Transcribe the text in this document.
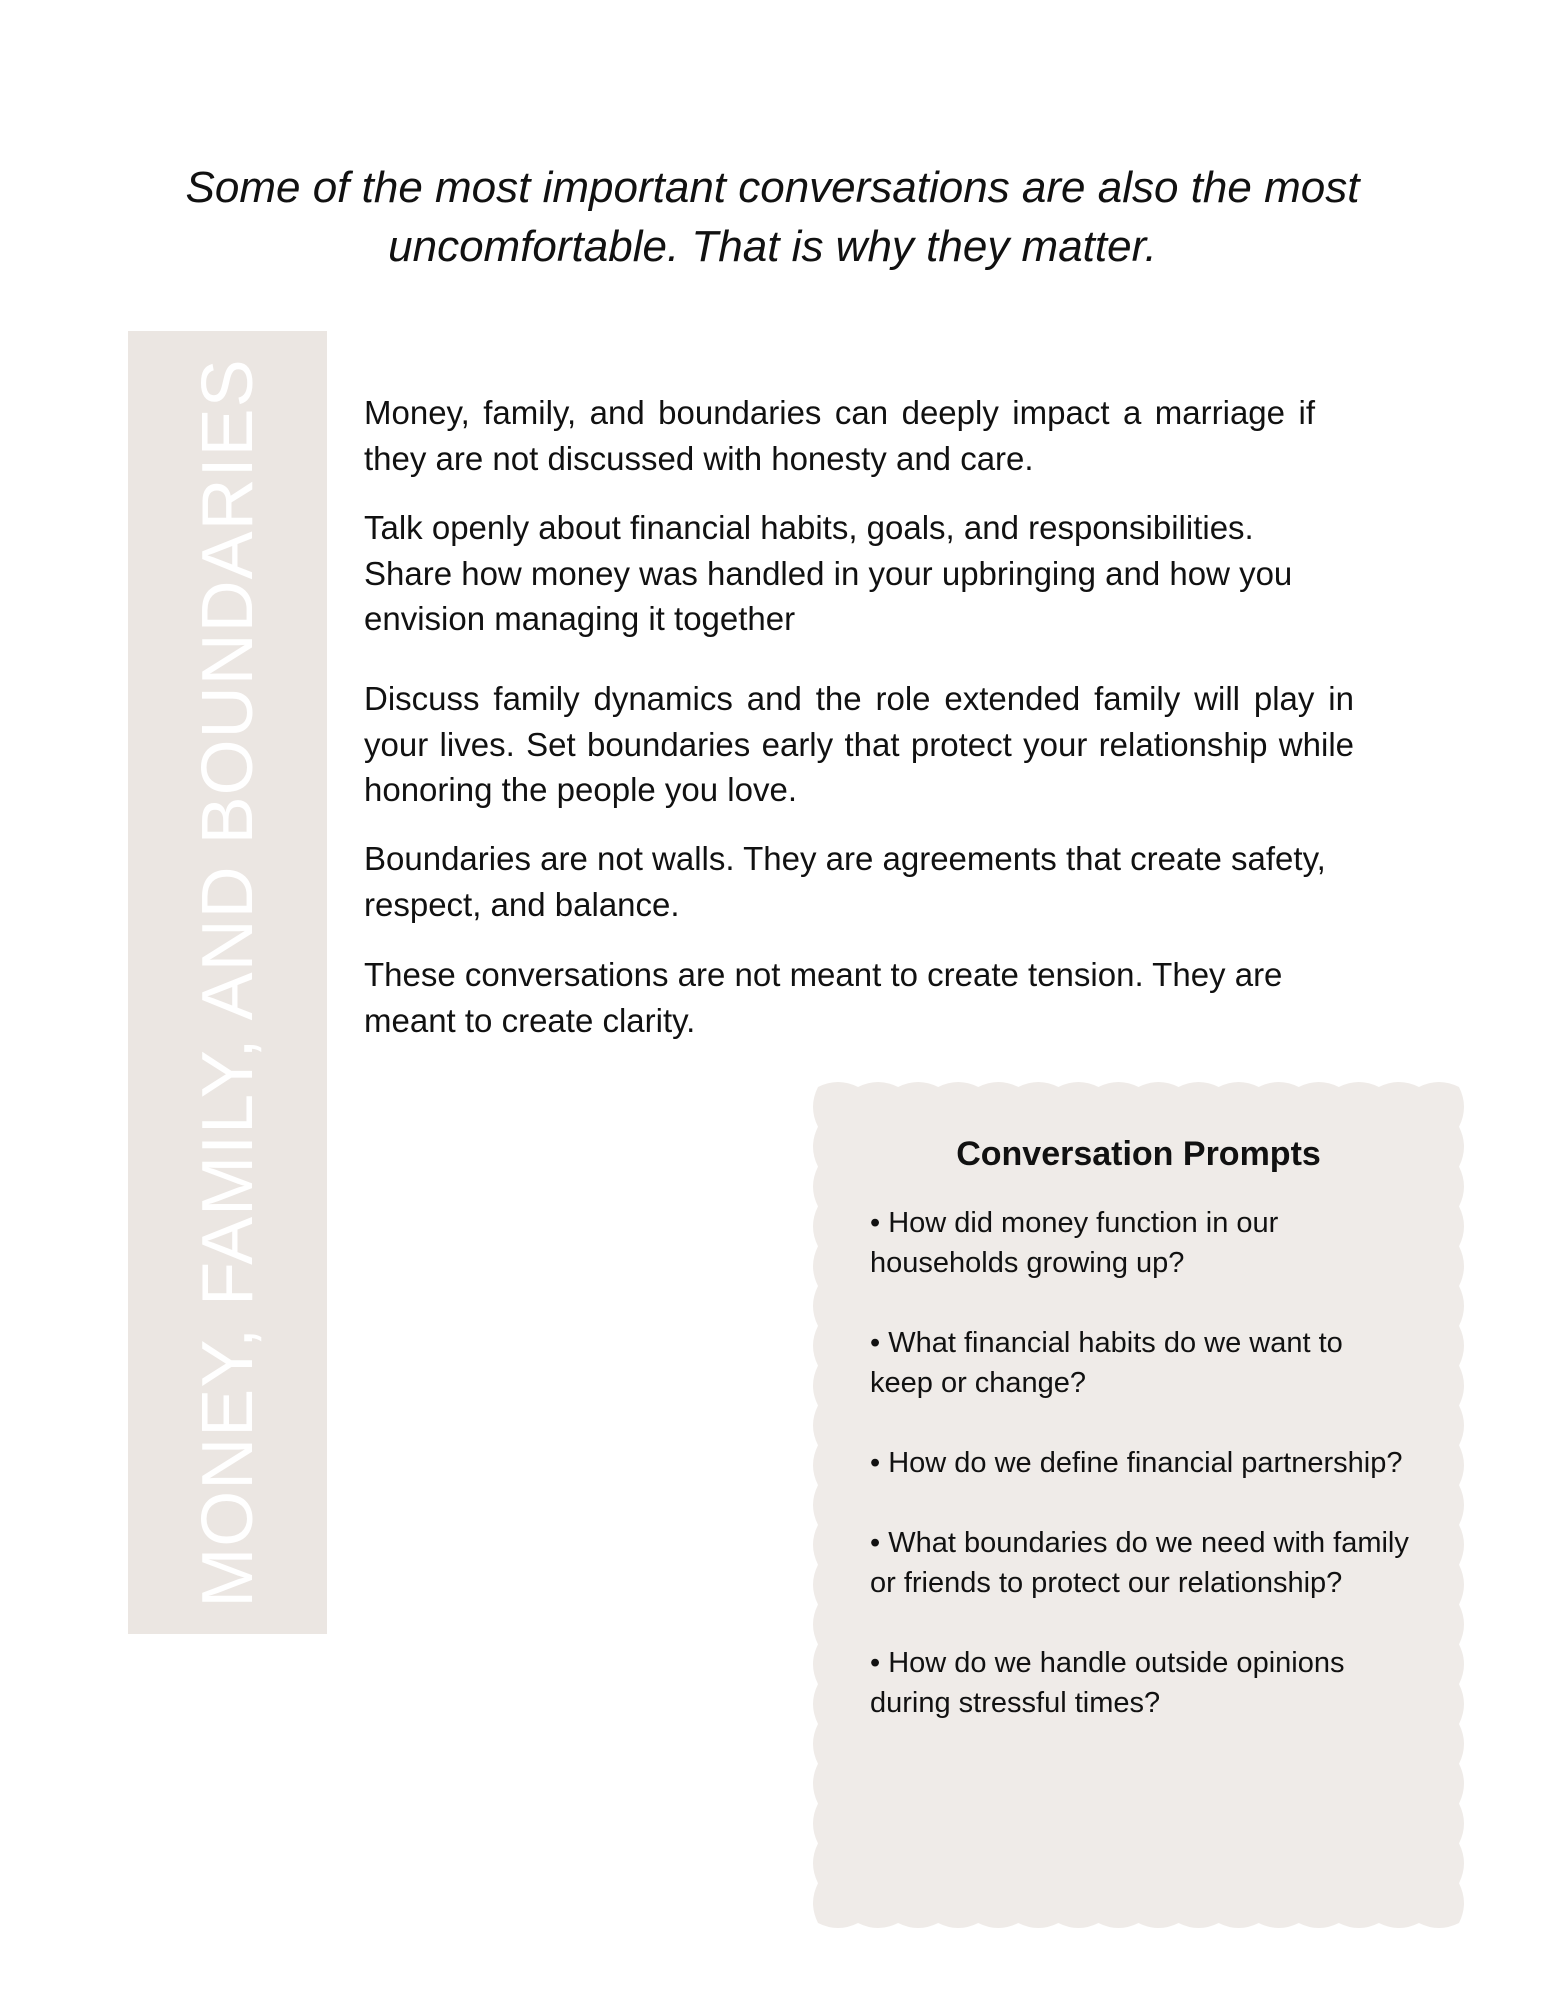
Some of the most important conversations are also the most uncomfortable. That is why they matter.

MONEY, FAMILY, AND BOUNDARIES	Money, family, and boundaries can deeply impact a marriage if they are not discussed with honesty and care.

Talk openly about financial habits, goals, and responsibilities. Share how money was handled in your upbringing and how you envision managing it together

Discuss family dynamics and the role extended family will play in your lives. Set boundaries early that protect your relationship while honoring the people you love.

Boundaries are not walls. They are agreements that create safety, respect, and balance.

These conversations are not meant to create tension. They are meant to create clarity.

Conversation Prompts
• How did money function in our households growing up?
• What financial habits do we want to keep or change?
• How do we define financial partnership?
• What boundaries do we need with family or friends to protect our relationship?
• How do we handle outside opinions during stressful times?
